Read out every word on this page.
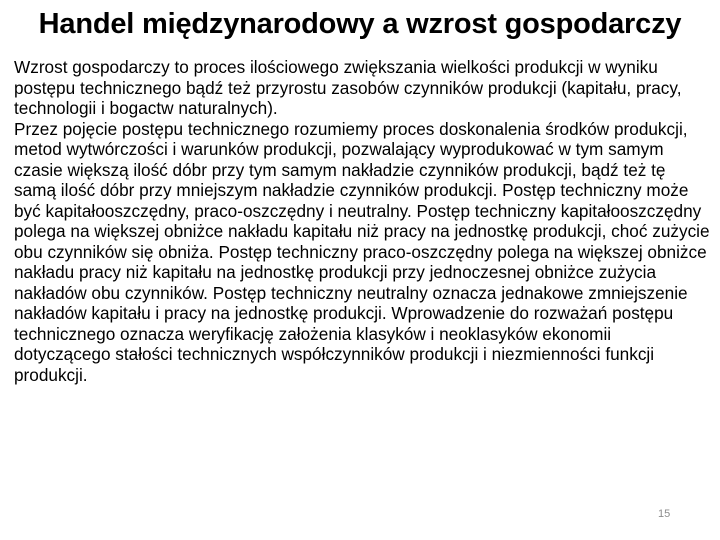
Handel międzynarodowy a wzrost gospodarczy

Wzrost gospodarczy to proces ilościowego zwiększania wielkości produkcji w wyniku postępu technicznego bądź też przyrostu zasobów czynników produkcji (kapitału, pracy, technologii i bogactw naturalnych).

Przez pojęcie postępu technicznego rozumiemy proces doskonalenia środków produkcji, metod wytwórczości i warunków produkcji, pozwalający wyprodukować w tym samym czasie większą ilość dóbr przy tym samym nakładzie czynników produkcji, bądź też tę samą ilość dóbr przy mniejszym nakładzie czynników produkcji. Postęp techniczny może być kapitałooszczędny, praco-oszczędny i neutralny. Postęp techniczny kapitałooszczędny polega na większej obniżce nakładu kapitału niż pracy na jednostkę produkcji, choć zużycie obu czynników się obniża. Postęp techniczny praco-oszczędny polega na większej obniżce nakładu pracy niż kapitału na jednostkę produkcji przy jednoczesnej obniżce zużycia nakładów obu czynników. Postęp techniczny neutralny oznacza jednakowe zmniejszenie nakładów kapitału i pracy na jednostkę produkcji. Wprowadzenie do rozważań postępu technicznego oznacza weryfikację założenia klasyków i neoklasyków ekonomii dotyczącego stałości technicznych współczynników produkcji i niezmienności funkcji produkcji.

15
